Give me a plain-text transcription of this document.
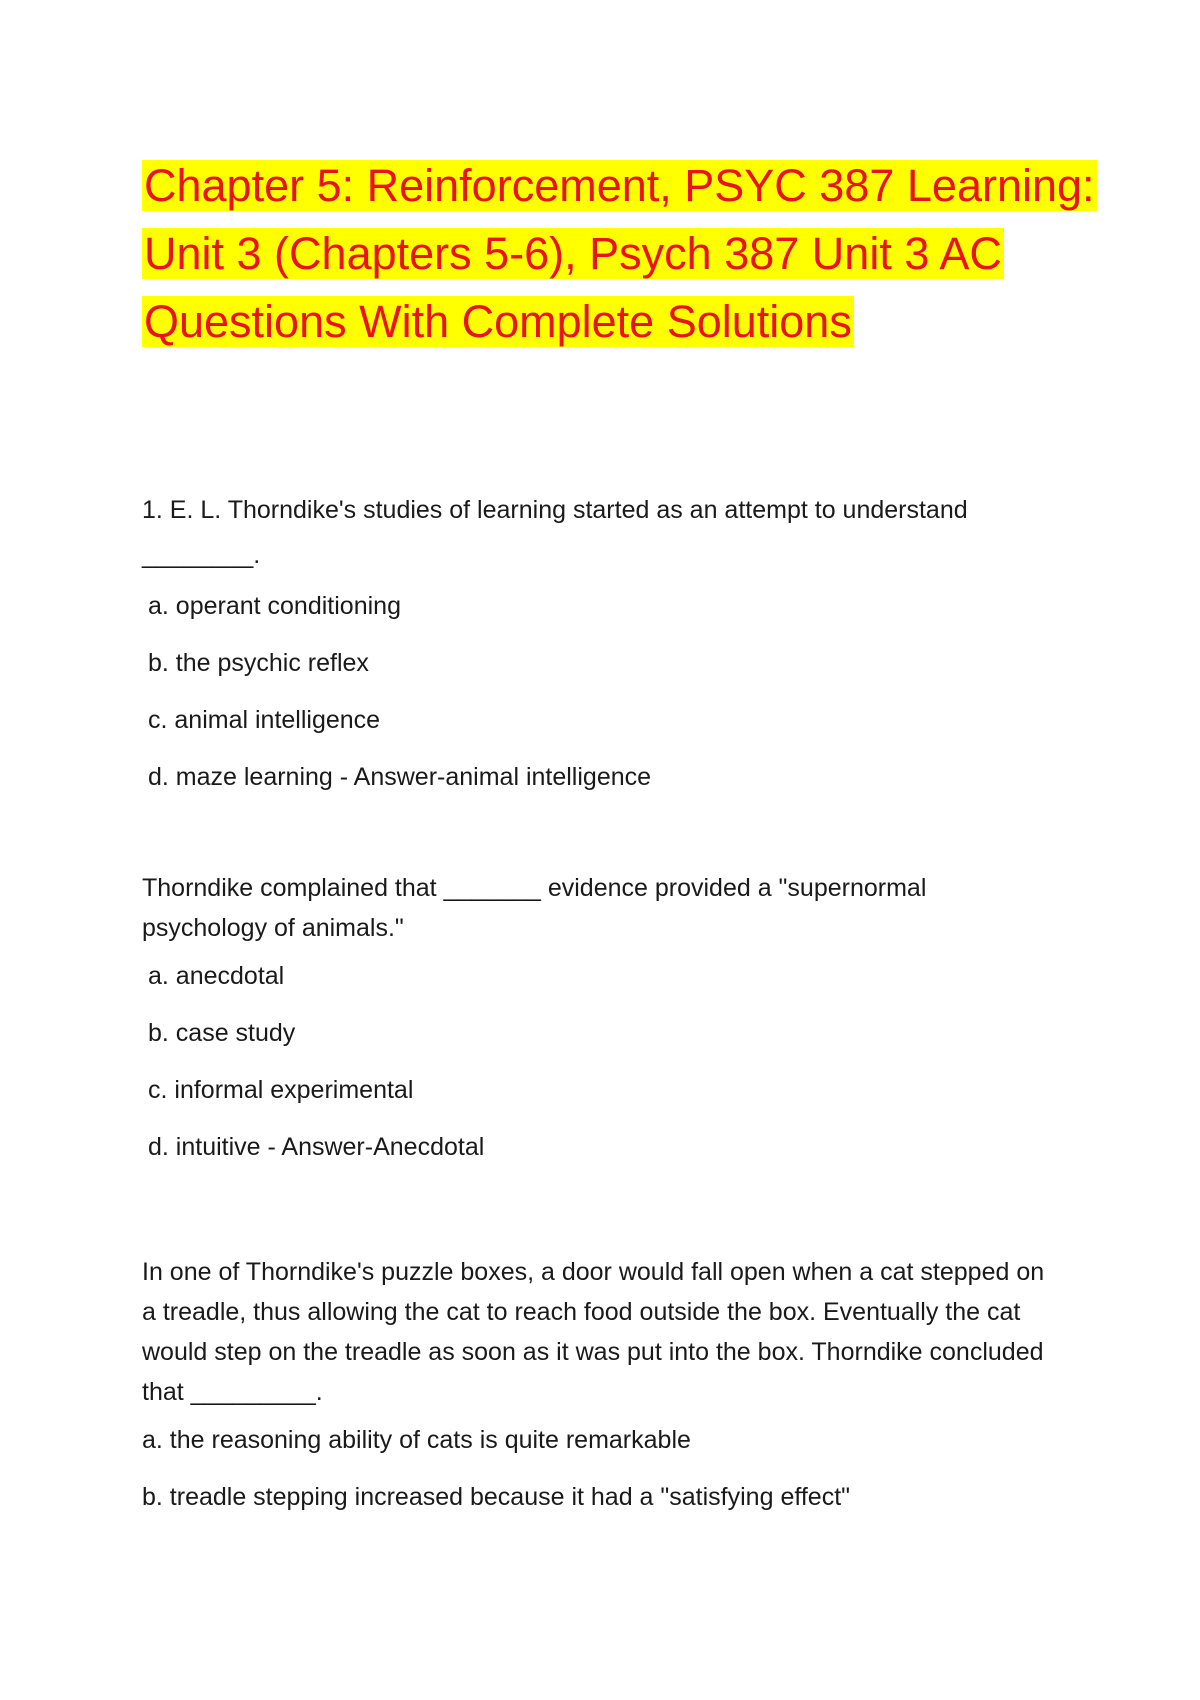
Chapter 5: Reinforcement, PSYC 387 Learning:
Unit 3 (Chapters 5-6), Psych 387 Unit 3 AC
Questions With Complete Solutions

1. E. L. Thorndike's studies of learning started as an attempt to understand

________.

a. operant conditioning

b. the psychic reflex

c. animal intelligence

d. maze learning - Answer-animal intelligence

Thorndike complained that _______ evidence provided a "supernormal

psychology of animals."

a. anecdotal

b. case study

c. informal experimental

d. intuitive - Answer-Anecdotal

In one of Thorndike's puzzle boxes, a door would fall open when a cat stepped on

a treadle, thus allowing the cat to reach food outside the box. Eventually the cat

would step on the treadle as soon as it was put into the box. Thorndike concluded

that _________.

a. the reasoning ability of cats is quite remarkable

b. treadle stepping increased because it had a "satisfying effect"
